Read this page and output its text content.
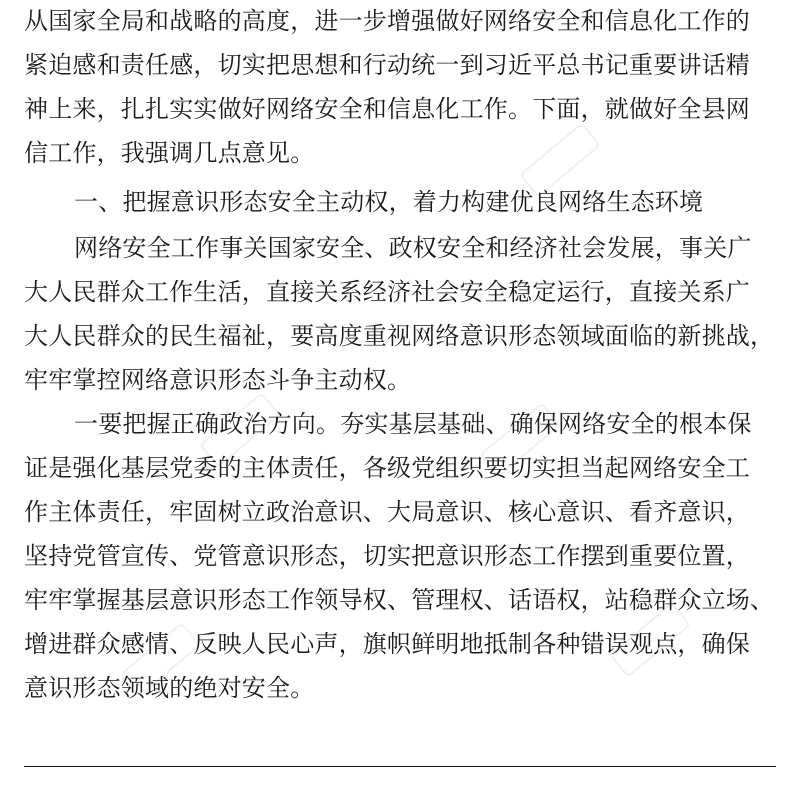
从国家全局和战略的高度，进一步增强做好网络安全和信息化工作的
紧迫感和责任感，切实把思想和行动统一到习近平总书记重要讲话精
神上来，扎扎实实做好网络安全和信息化工作。下面，就做好全县网
信工作，我强调几点意见。
一、把握意识形态安全主动权，着力构建优良网络生态环境
网络安全工作事关国家安全、政权安全和经济社会发展，事关广
大人民群众工作生活，直接关系经济社会安全稳定运行，直接关系广
大人民群众的民生福祉，要高度重视网络意识形态领域面临的新挑战，
牢牢掌控网络意识形态斗争主动权。
一要把握正确政治方向。夯实基层基础、确保网络安全的根本保
证是强化基层党委的主体责任，各级党组织要切实担当起网络安全工
作主体责任，牢固树立政治意识、大局意识、核心意识、看齐意识，
坚持党管宣传、党管意识形态，切实把意识形态工作摆到重要位置，
牢牢掌握基层意识形态工作领导权、管理权、话语权，站稳群众立场、
增进群众感情、反映人民心声，旗帜鲜明地抵制各种错误观点，确保
意识形态领域的绝对安全。
